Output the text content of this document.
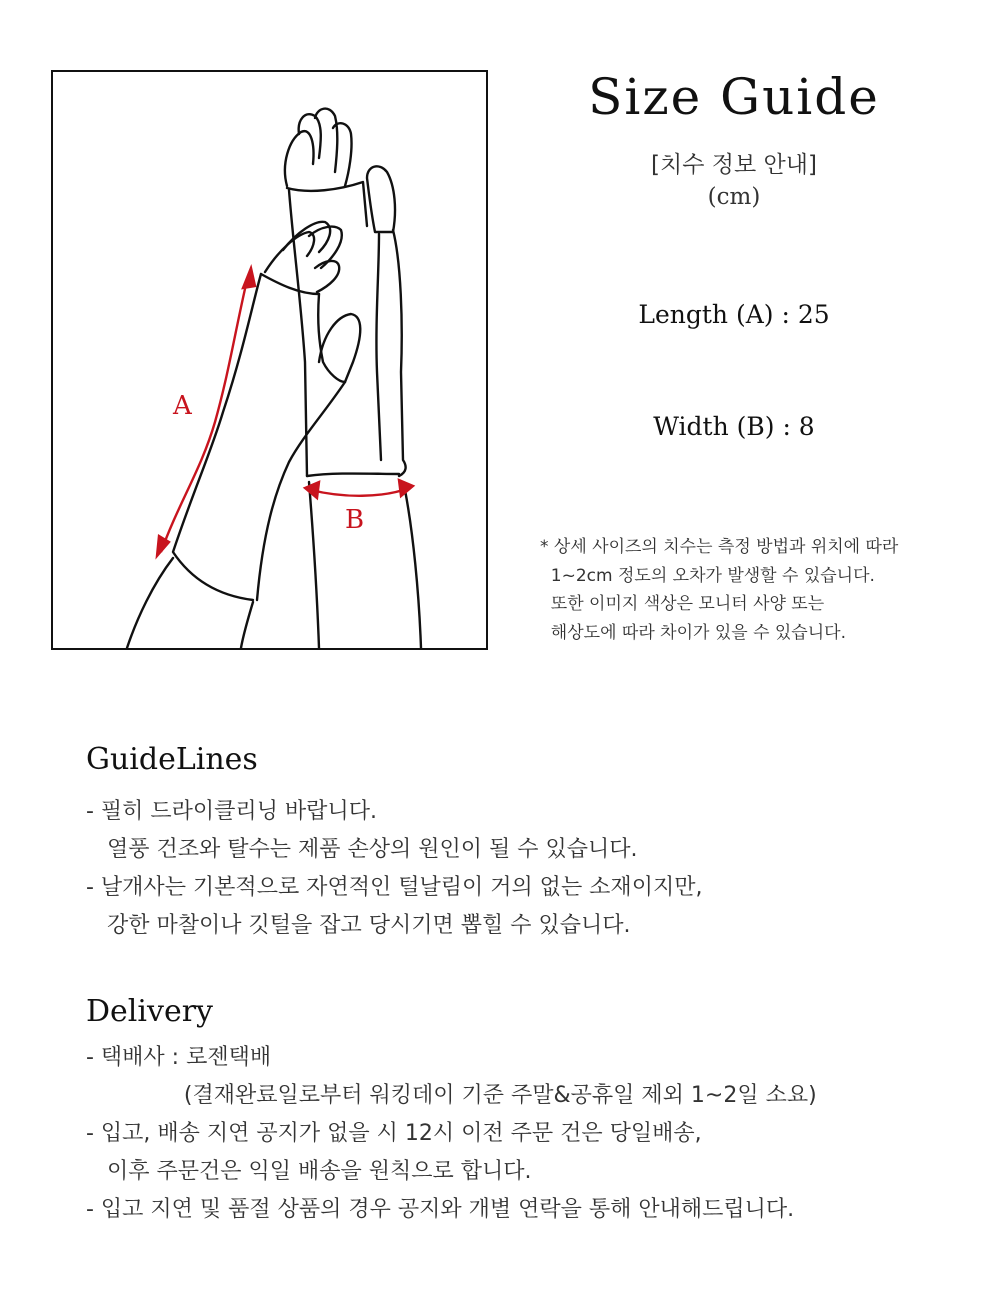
A
B
Size Guide
[치수 정보 안내]
(cm)
Length (A) : 25
Width (B) : 8
* 상세 사이즈의 치수는 측정 방법과 위치에 따라
1~2cm 정도의 오차가 발생할 수 있습니다.
또한 이미지 색상은 모니터 사양 또는
해상도에 따라 차이가 있을 수 있습니다.
GuideLines
- 필히 드라이클리닝 바랍니다.
열풍 건조와 탈수는 제품 손상의 원인이 될 수 있습니다.
- 날개사는 기본적으로 자연적인 털날림이 거의 없는 소재이지만,
강한 마찰이나 깃털을 잡고 당시기면 뽑힐 수 있습니다.
Delivery
- 택배사 : 로젠택배
(결재완료일로부터 워킹데이 기준 주말&공휴일 제외 1~2일 소요)
- 입고, 배송 지연 공지가 없을 시 12시 이전 주문 건은 당일배송,
이후 주문건은 익일 배송을 원칙으로 합니다.
- 입고 지연 및 품절 상품의 경우 공지와 개별 연락을 통해 안내해드립니다.
